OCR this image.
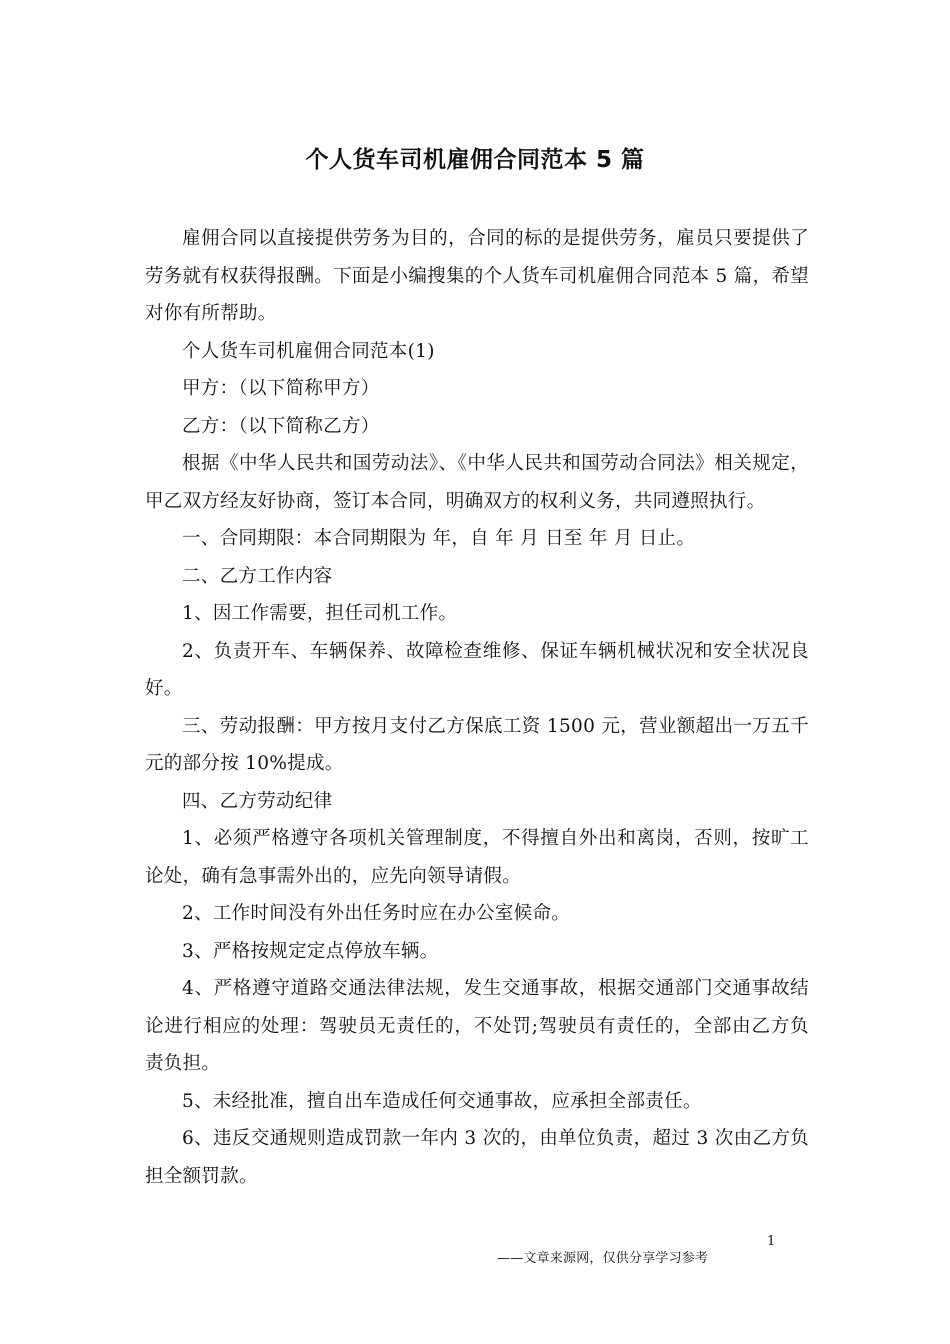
个人货车司机雇佣合同范本 5 篇

雇佣合同以直接提供劳务为目的，合同的标的是提供劳务，雇员只要提供了劳务就有权获得报酬。下面是小编搜集的个人货车司机雇佣合同范本 5 篇，希望对你有所帮助。

个人货车司机雇佣合同范本(1)

甲方：（以下简称甲方）

乙方：（以下简称乙方）

根据《中华人民共和国劳动法》、《中华人民共和国劳动合同法》相关规定，甲乙双方经友好协商，签订本合同，明确双方的权利义务，共同遵照执行。

一、合同期限：本合同期限为 年，自 年 月 日至 年 月 日止。

二、乙方工作内容

1、因工作需要，担任司机工作。

2、负责开车、车辆保养、故障检查维修、保证车辆机械状况和安全状况良好。

三、劳动报酬：甲方按月支付乙方保底工资 1500 元，营业额超出一万五千元的部分按 10%提成。

四、乙方劳动纪律

1、必须严格遵守各项机关管理制度，不得擅自外出和离岗，否则，按旷工论处，确有急事需外出的，应先向领导请假。

2、工作时间没有外出任务时应在办公室候命。

3、严格按规定定点停放车辆。

4、严格遵守道路交通法律法规，发生交通事故，根据交通部门交通事故结论进行相应的处理：驾驶员无责任的，不处罚;驾驶员有责任的，全部由乙方负责负担。

5、未经批准，擅自出车造成任何交通事故，应承担全部责任。

6、违反交通规则造成罚款一年内 3 次的，由单位负责，超过 3 次由乙方负担全额罚款。

1
——文章来源网，仅供分享学习参考
